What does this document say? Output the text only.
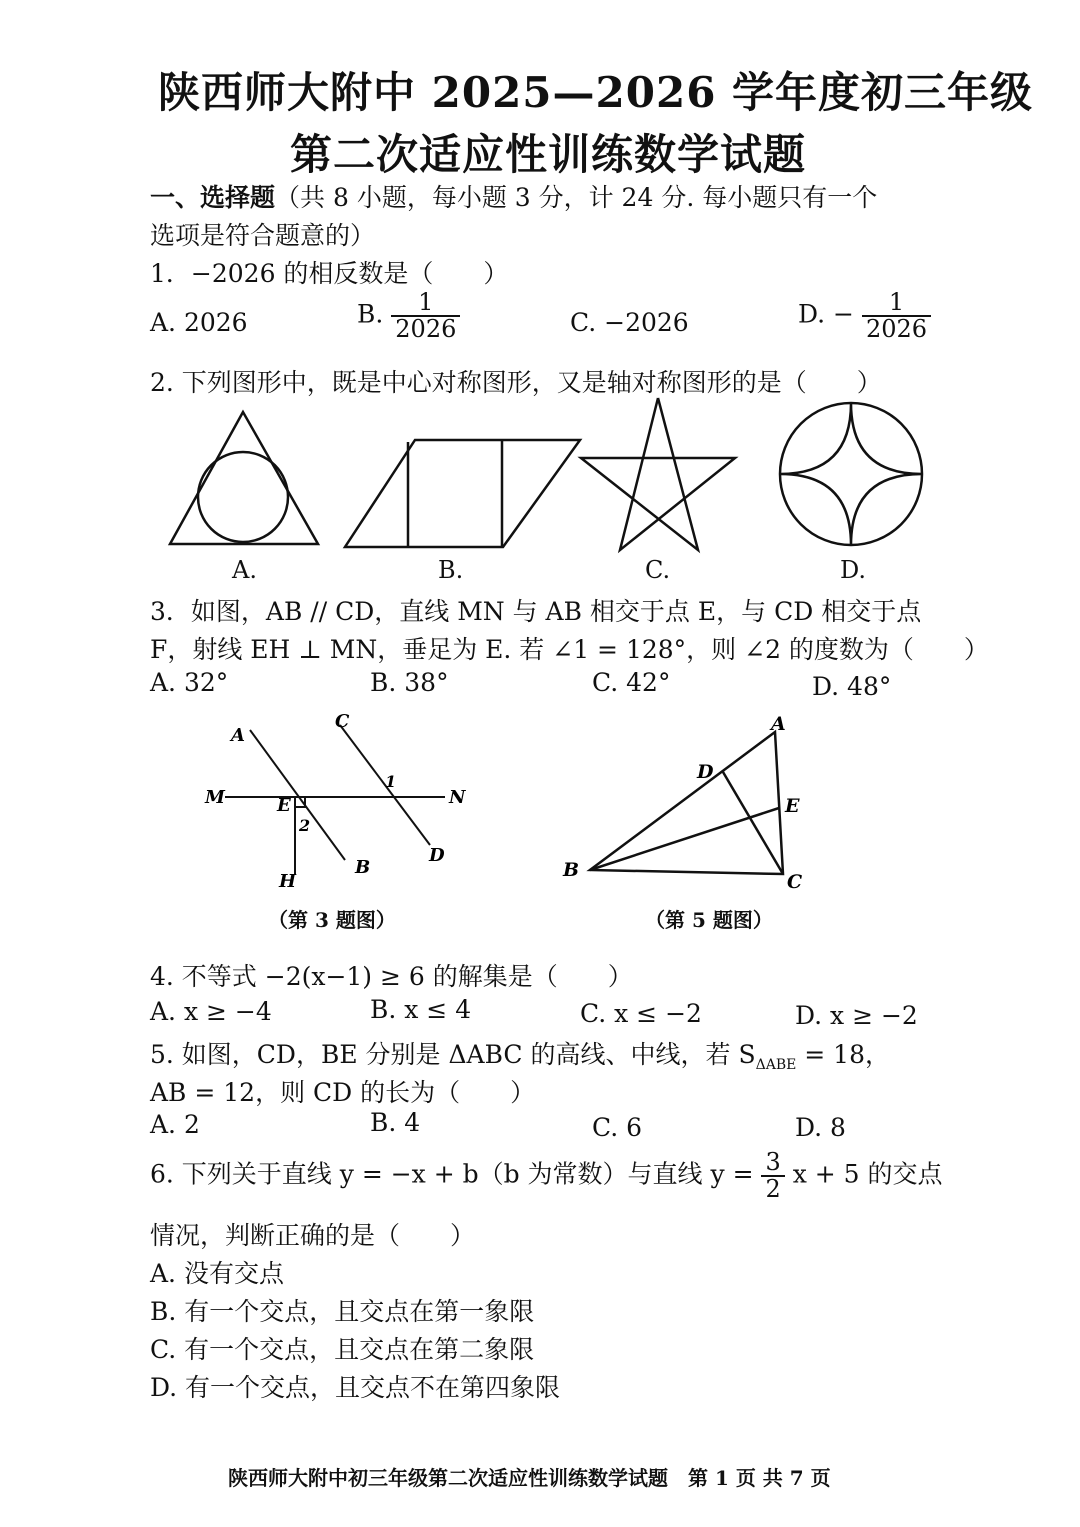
陕西师大附中 2025—2026 学年度初三年级
第二次适应性训练数学试题
一、选择题（共 8 小题，每小题 3 分，计 24 分. 每小题只有一个
选项是符合题意的）
1．−2026 的相反数是（　　）
A. 2026	B. $\frac{1}{2026}$	C. −2026	D. − $\frac{1}{2026}$
2. 下列图形中，既是中心对称图形，又是轴对称图形的是（　　）
A.	B.	C.	D.
3．如图，AB // CD，直线 MN 与 AB 相交于点 E，与 CD 相交于点
F，射线 EH ⊥ MN，垂足为 E. 若 ∠1 = 128°，则 ∠2 的度数为（　　）
A. 32°	B. 38°	C. 42°	D. 48°
A
B
C
D
M	N
E
H
1
2
（第 3 题图）
A
B
C
D
E
（第 5 题图）
4. 不等式 −2(x−1) ≥ 6 的解集是（　　）
A. x ≥ −4	B. x ≤ 4	C. x ≤ −2	D. x ≥ −2
5. 如图，CD，BE 分别是 ΔABC 的高线、中线，若 $S_{\Delta ABE} = 18$，
AB = 12，则 CD 的长为（　　）
A. 2	B. 4	C. 6	D. 8
6. 下列关于直线 y = −x + b（b 为常数）与直线 $y = \frac{3}{2}$ x + 5 的交点
情况，判断正确的是（　　）
A. 没有交点
B. 有一个交点，且交点在第一象限
C. 有一个交点，且交点在第二象限
D. 有一个交点，且交点不在第四象限
陕西师大附中初三年级第二次适应性训练数学试题　第 1 页 共 7 页
